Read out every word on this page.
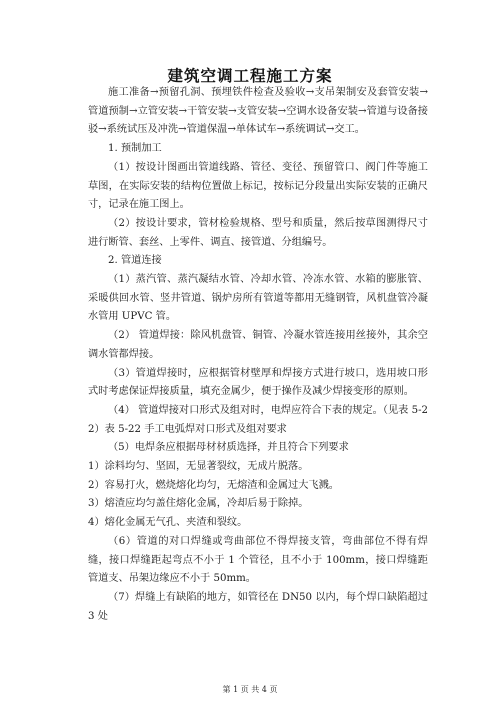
建筑空调工程施工方案

施工准备→预留孔洞、预埋铁件检查及验收→支吊架制安及套管安装→管道预制→立管安装→干管安装→支管安装→空调水设备安装→管道与设备接驳→系统试压及冲洗→管道保温→单体试车→系统调试→交工。

1. 预制加工

（1）按设计图画出管道线路、管径、变径、预留管口、阀门件等施工草图，在实际安装的结构位置做上标记，按标记分段量出实际安装的正确尺寸，记录在施工图上。

（2）按设计要求，管材检验规格、型号和质量，然后按草图测得尺寸进行断管、套丝、上零件、调直、接管道、分组编号。

2. 管道连接

（1）蒸汽管、蒸汽凝结水管、冷却水管、冷冻水管、水箱的膨胀管、采暖供回水管、竖井管道、锅炉房所有管道等都用无缝钢管，风机盘管冷凝水管用 UPVC 管。

（2） 管道焊接：除风机盘管、铜管、冷凝水管连接用丝接外，其余空调水管都焊接。

（3）管道焊接时，应根据管材壁厚和焊接方式进行坡口，选用坡口形式时考虑保证焊接质量，填充金属少，便于操作及减少焊接变形的原则。

（4） 管道焊接对口形式及组对时，电焊应符合下表的规定。（见表 5-22）表 5-22 手工电弧焊对口形式及组对要求

（5）电焊条应根据母材材质选择，并且符合下列要求

1）涂料均匀、坚固，无显著裂纹，无成片脱落。

2）容易打火，燃烧熔化均匀，无熔渣和金属过大飞溅。

3）熔渣应均匀盖住熔化金属，冷却后易于除掉。

4）熔化金属无气孔、夹渣和裂纹。

（6）管道的对口焊缝或弯曲部位不得焊接支管，弯曲部位不得有焊缝，接口焊缝距起弯点不小于 1 个管径，且不小于 100mm，接口焊缝距管道支、吊架边缘应不小于 50mm。

（7）焊缝上有缺陷的地方，如管径在 DN50 以内，每个焊口缺陷超过 3 处

第 1 页 共 4 页
